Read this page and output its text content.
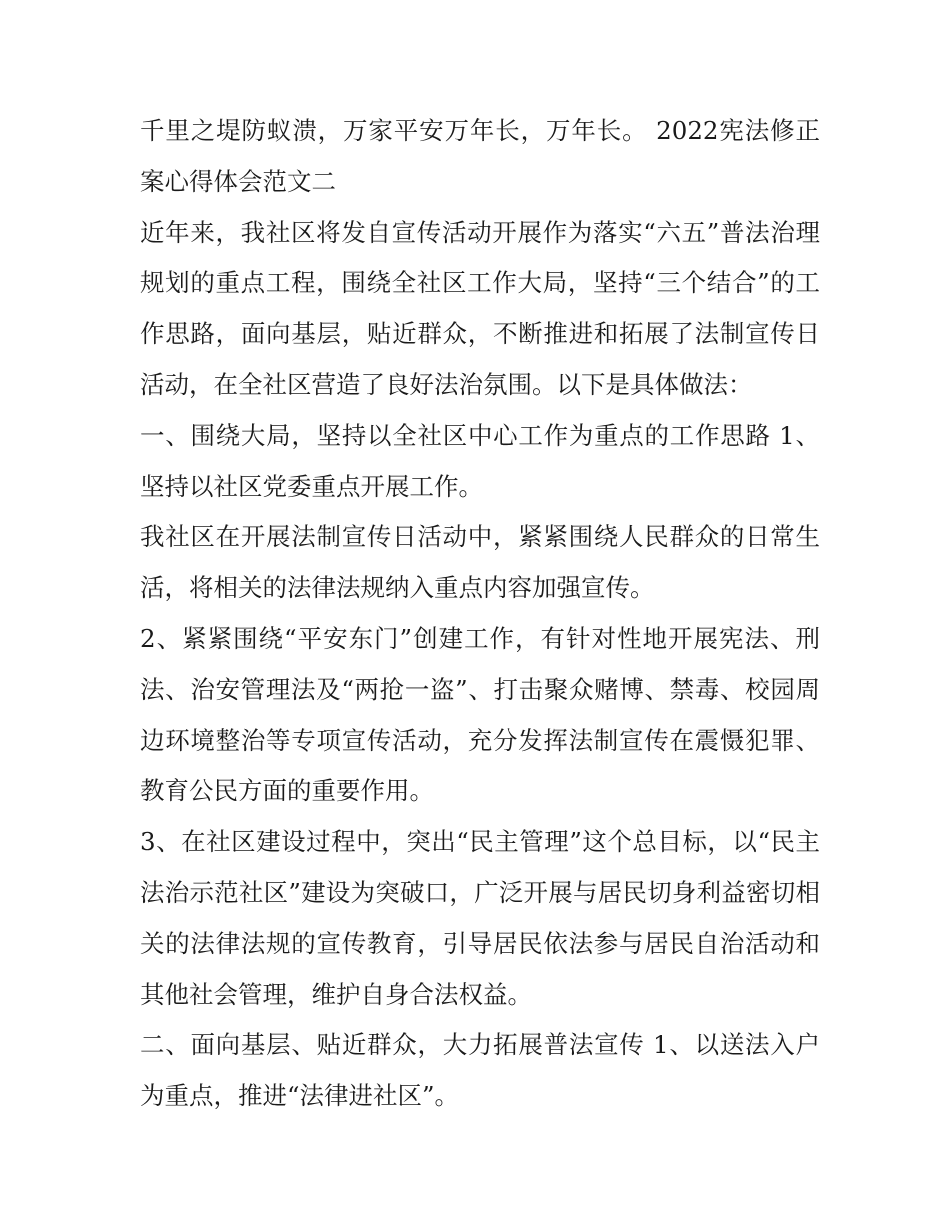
千里之堤防蚁溃，万家平安万年长，万年长。 2022宪法修正案心得体会范文二

近年来，我社区将发自宣传活动开展作为落实“六五”普法治理规划的重点工程，围绕全社区工作大局，坚持“三个结合”的工作思路，面向基层，贴近群众，不断推进和拓展了法制宣传日活动，在全社区营造了良好法治氛围。以下是具体做法：

一、围绕大局，坚持以全社区中心工作为重点的工作思路 1、坚持以社区党委重点开展工作。

我社区在开展法制宣传日活动中，紧紧围绕人民群众的日常生活，将相关的法律法规纳入重点内容加强宣传。

2、紧紧围绕“平安东门”创建工作，有针对性地开展宪法、刑法、治安管理法及“两抢一盗”、打击聚众赌博、禁毒、校园周边环境整治等专项宣传活动，充分发挥法制宣传在震慑犯罪、教育公民方面的重要作用。

3、在社区建设过程中，突出“民主管理”这个总目标，以“民主法治示范社区”建设为突破口，广泛开展与居民切身利益密切相关的法律法规的宣传教育，引导居民依法参与居民自治活动和其他社会管理，维护自身合法权益。

二、面向基层、贴近群众，大力拓展普法宣传 1、以送法入户为重点，推进“法律进社区”。
